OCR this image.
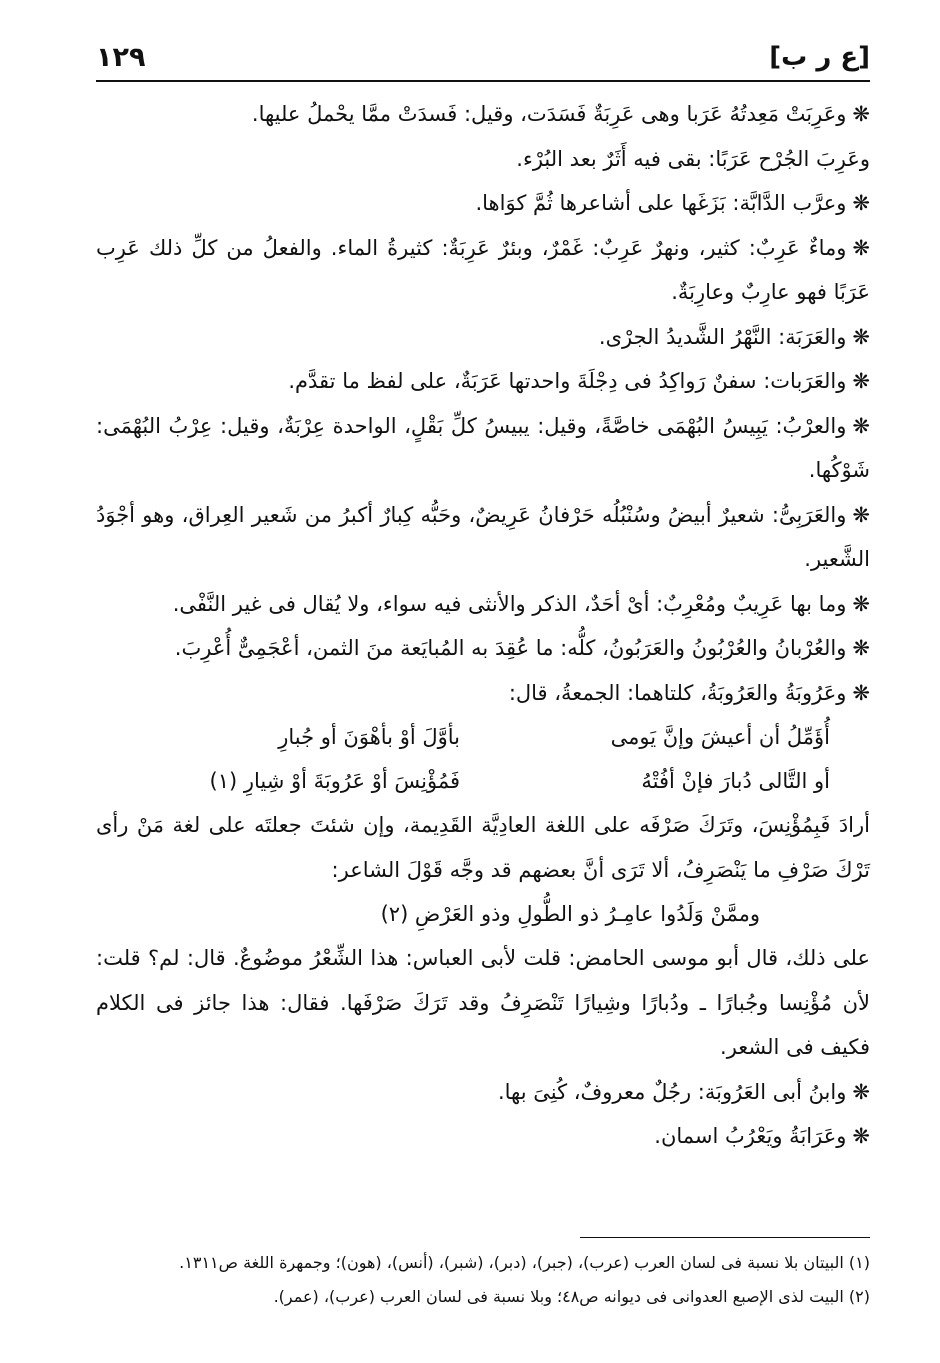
[ع ر ب]
١٢٩

❋وعَرِبَتْ مَعِدتُهُ عَرَبا وهى عَرِبَةٌ فَسَدَت، وقيل: فَسدَتْ ممَّا يحْملُ عليها.

وعَرِبَ الجُرْح عَرَبًا: بقى فيه أَثَرٌ بعد البُرْء.

❋وعرَّب الدَّابَّة: بَزَغَها على أشاعرها ثُمَّ كوَاها.

❋وماءٌ عَرِبٌ: كثير، ونهرٌ عَرِبٌ: غَمْرٌ، وبئرٌ عَرِبَةٌ: كثيرةُ الماء. والفعلُ من كلِّ ذلك عَرِب عَرَبًا فهو عارِبٌ وعارِبَةٌ.

❋والعَرَبَة: النَّهْرُ الشَّديدُ الجرْى.

❋والعَرَبات: سفنٌ رَواكِدُ فى دِجْلَةَ واحدتها عَرَبَةٌ، على لفظ ما تقدَّم.

❋والعرْبُ: يَبِيسُ البُهْمَى خاصَّةً، وقيل: يبيسُ كلِّ بَقْلٍ، الواحدة عِرْبَةٌ، وقيل: عِرْبُ البُهْمَى: شَوْكُها.

❋والعَرَبِىُّ: شعيرٌ أبيضُ وسُنْبُلُه حَرْفانُ عَرِيضٌ، وحَبُّه كِبارٌ أكبرُ من شَعير العِراق، وهو أجْوَدُ الشَّعير.

❋وما بها عَرِيبٌ ومُعْرِبٌ: أىْ أحَدٌ، الذكر والأنثى فيه سواء، ولا يُقال فى غير النَّفْى.

❋والعُرْبانُ والعُرْبُونُ والعَرَبُونُ، كلُّه: ما عُقِدَ به المُبايَعة منَ الثمن، أعْجَمِىٌّ أُعْرِبَ.

❋وعَرُوبَةُ والعَرُوبَةُ، كلتاهما: الجمعةُ، قال:

أُؤَمِّلُ أن أعيشَ وإنَّ يَومى
بأوَّلَ أوْ بأهْوَنَ أو جُبارِ
أو التَّالى دُبارَ فإنْ أفُتْهُ
فَمُؤْنِسَ أوْ عَرُوبَةَ أوْ شِيارِ (١)

أرادَ فَبِمُؤْنِسَ، وتَرَكَ صَرْفَه على اللغة العادِيَّة القَدِيمة، وإن شئتَ جعلتَه على لغة مَنْ رأى تَرْكَ صَرْفِ ما يَنْصَرِفُ، ألا تَرَى أنَّ بعضهم قد وجَّه قَوْلَ الشاعر:

وممَّنْ وَلَدُوا عامِـرُ ذو الطُّولِ وذو العَرْضِ (٢)

على ذلك، قال أبو موسى الحامض: قلت لأبى العباس: هذا الشِّعْرُ موضُوعٌ. قال: لم؟ قلت: لأن مُؤْنِسا وجُبارًا ـ ودُبارًا وشِيارًا تَنْصَرِفُ وقد تَرَكَ صَرْفَها. فقال: هذا جائز فى الكلام فكيف فى الشعر.

❋وابنُ أبى العَرُوبَة: رجُلٌ معروفٌ، كُنِىَ بها.

❋وعَرَابَةُ ويَعْرُبُ اسمان.

(١) البيتان بلا نسبة فى لسان العرب (عرب)، (جبر)، (دبر)، (شبر)، (أنس)، (هون)؛ وجمهرة اللغة ص١٣١١.

(٢) البيت لذى الإصبع العدوانى فى ديوانه ص٤٨؛ وبلا نسبة فى لسان العرب (عرب)، (عمر).
